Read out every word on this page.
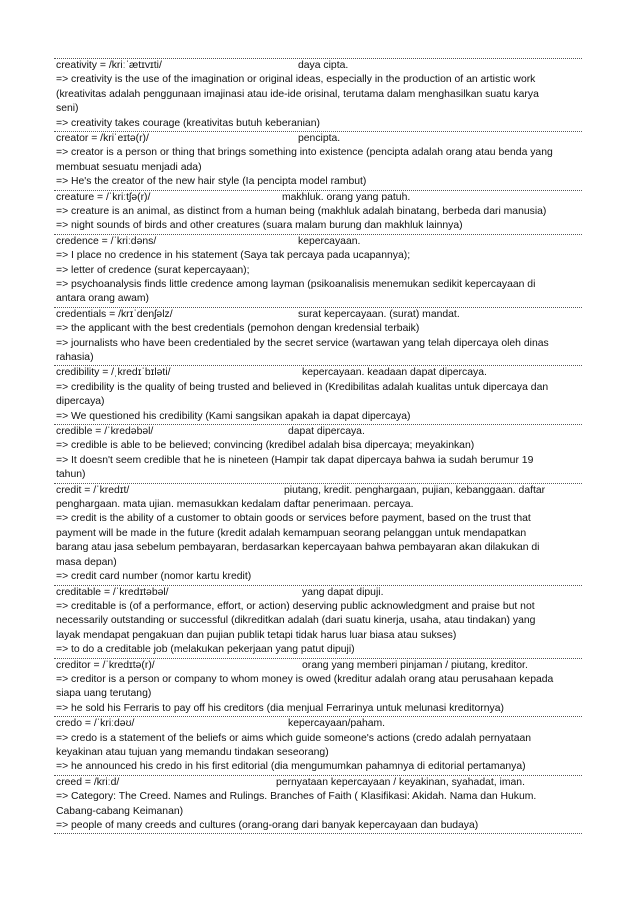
creativity = /kriːˈætɪvɪti/	daya cipta.
=> creativity is the use of the imagination or original ideas, especially in the production of an artistic work
(kreativitas adalah penggunaan imajinasi atau ide-ide orisinal, terutama dalam menghasilkan suatu karya
seni)
=> creativity takes courage (kreativitas butuh keberanian)
creator = /kriˈeɪtə(r)/	pencipta.
=> creator is a person or thing that brings something into existence (pencipta adalah orang atau benda yang
membuat sesuatu menjadi ada)
=> He's the creator of the new hair style (Ia pencipta model rambut)
creature = /ˈkriːtʃə(r)/	makhluk. orang yang patuh.
=> creature is an animal, as distinct from a human being (makhluk adalah binatang, berbeda dari manusia)
=> night sounds of birds and other creatures (suara malam burung dan makhluk lainnya)
credence = /ˈkriːdəns/	kepercayaan.
=> I place no credence in his statement (Saya tak percaya pada ucapannya);
=> letter of credence (surat kepercayaan);
=> psychoanalysis finds little credence among layman (psikoanalisis menemukan sedikit kepercayaan di
antara orang awam)
credentials = /krɪˈdenʃəlz/	surat kepercayaan. (surat) mandat.
=> the applicant with the best credentials (pemohon dengan kredensial terbaik)
=> journalists who have been credentialed by the secret service (wartawan yang telah dipercaya oleh dinas
rahasia)
credibility = /ˌkredɪˈbɪləti/	kepercayaan. keadaan dapat dipercaya.
=> credibility is the quality of being trusted and believed in (Kredibilitas adalah kualitas untuk dipercaya dan
dipercaya)
=> We questioned his credibility (Kami sangsikan apakah ia dapat dipercaya)
credible = /ˈkredəbəl/	dapat dipercaya.
=> credible is able to be believed; convincing (kredibel adalah bisa dipercaya; meyakinkan)
=> It doesn't seem credible that he is nineteen (Hampir tak dapat dipercaya bahwa ia sudah berumur 19
tahun)
credit = /ˈkredɪt/	piutang, kredit. penghargaan, pujian, kebanggaan. daftar
penghargaan. mata ujian. memasukkan kedalam daftar penerimaan. percaya.
=> credit is the ability of a customer to obtain goods or services before payment, based on the trust that
payment will be made in the future (kredit adalah kemampuan seorang pelanggan untuk mendapatkan
barang atau jasa sebelum pembayaran, berdasarkan kepercayaan bahwa pembayaran akan dilakukan di
masa depan)
=> credit card number (nomor kartu kredit)
creditable = /ˈkredɪtəbəl/	yang dapat dipuji.
=> creditable is (of a performance, effort, or action) deserving public acknowledgment and praise but not
necessarily outstanding or successful (dikreditkan adalah (dari suatu kinerja, usaha, atau tindakan) yang
layak mendapat pengakuan dan pujian publik tetapi tidak harus luar biasa atau sukses)
=> to do a creditable job (melakukan pekerjaan yang patut dipuji)
creditor = /ˈkredɪtə(r)/	orang yang memberi pinjaman / piutang, kreditor.
=> creditor is a person or company to whom money is owed (kreditur adalah orang atau perusahaan kepada
siapa uang terutang)
=> he sold his Ferraris to pay off his creditors (dia menjual Ferrarinya untuk melunasi kreditornya)
credo = /ˈkriːdəʊ/	kepercayaan/paham.
=> credo is a statement of the beliefs or aims which guide someone's actions (credo adalah pernyataan
keyakinan atau tujuan yang memandu tindakan seseorang)
=> he announced his credo in his first editorial (dia mengumumkan pahamnya di editorial pertamanya)
creed = /kriːd/	pernyataan kepercayaan / keyakinan, syahadat, iman.
=> Category: The Creed. Names and Rulings. Branches of Faith ( Klasifikasi: Akidah. Nama dan Hukum.
Cabang-cabang Keimanan)
=> people of many creeds and cultures (orang-orang dari banyak kepercayaan dan budaya)
